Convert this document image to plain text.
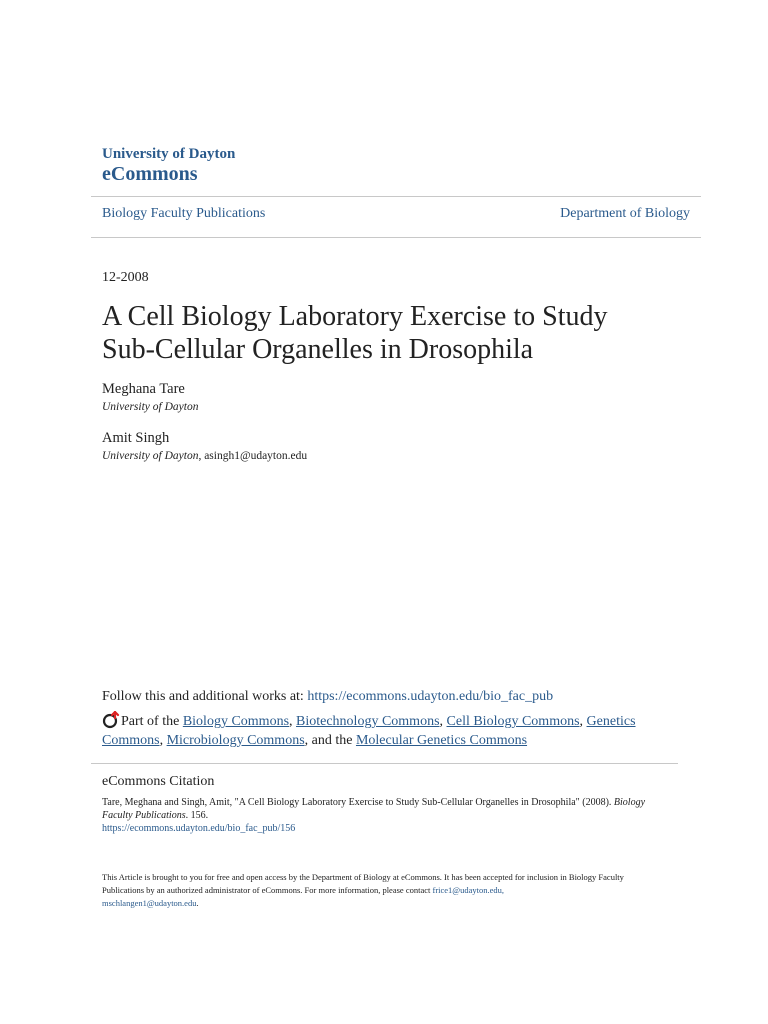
University of Dayton
eCommons
Biology Faculty Publications	Department of Biology
12-2008
A Cell Biology Laboratory Exercise to Study Sub-Cellular Organelles in Drosophila
Meghana Tare
University of Dayton
Amit Singh
University of Dayton, asingh1@udayton.edu
Follow this and additional works at: https://ecommons.udayton.edu/bio_fac_pub
Part of the Biology Commons, Biotechnology Commons, Cell Biology Commons, Genetics Commons, Microbiology Commons, and the Molecular Genetics Commons
eCommons Citation
Tare, Meghana and Singh, Amit, "A Cell Biology Laboratory Exercise to Study Sub-Cellular Organelles in Drosophila" (2008). Biology Faculty Publications. 156.
https://ecommons.udayton.edu/bio_fac_pub/156
This Article is brought to you for free and open access by the Department of Biology at eCommons. It has been accepted for inclusion in Biology Faculty Publications by an authorized administrator of eCommons. For more information, please contact frice1@udayton.edu,
mschlangen1@udayton.edu.
